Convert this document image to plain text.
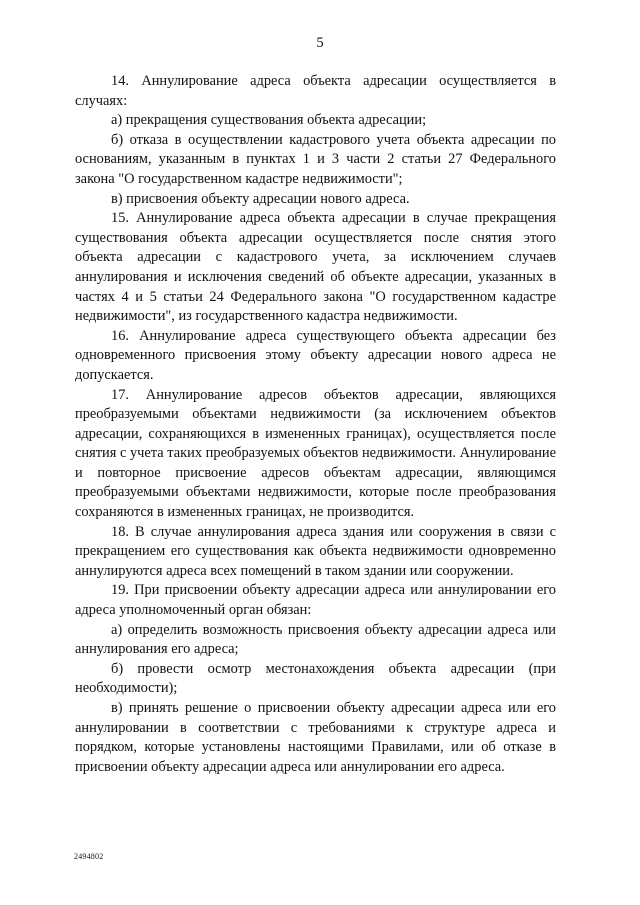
5

14. Аннулирование адреса объекта адресации осуществляется в случаях:

а) прекращения существования объекта адресации;

б) отказа в осуществлении кадастрового учета объекта адресации по основаниям, указанным в пунктах 1 и 3 части 2 статьи 27 Федерального закона "О государственном кадастре недвижимости";

в) присвоения объекту адресации нового адреса.

15. Аннулирование адреса объекта адресации в случае прекращения существования объекта адресации осуществляется после снятия этого объекта адресации с кадастрового учета, за исключением случаев аннулирования и исключения сведений об объекте адресации, указанных в частях 4 и 5 статьи 24 Федерального закона "О государственном кадастре недвижимости", из государственного кадастра недвижимости.

16. Аннулирование адреса существующего объекта адресации без одновременного присвоения этому объекту адресации нового адреса не допускается.

17. Аннулирование адресов объектов адресации, являющихся преобразуемыми объектами недвижимости (за исключением объектов адресации, сохраняющихся в измененных границах), осуществляется после снятия с учета таких преобразуемых объектов недвижимости. Аннулирование и повторное присвоение адресов объектам адресации, являющимся преобразуемыми объектами недвижимости, которые после преобразования сохраняются в измененных границах, не производится.

18. В случае аннулирования адреса здания или сооружения в связи с прекращением его существования как объекта недвижимости одновременно аннулируются адреса всех помещений в таком здании или сооружении.

19. При присвоении объекту адресации адреса или аннулировании его адреса уполномоченный орган обязан:

а) определить возможность присвоения объекту адресации адреса или аннулирования его адреса;

б) провести осмотр местонахождения объекта адресации (при необходимости);

в) принять решение о присвоении объекту адресации адреса или его аннулировании в соответствии с требованиями к структуре адреса и порядком, которые установлены настоящими Правилами, или об отказе в присвоении объекту адресации адреса или аннулировании его адреса.

2494802
